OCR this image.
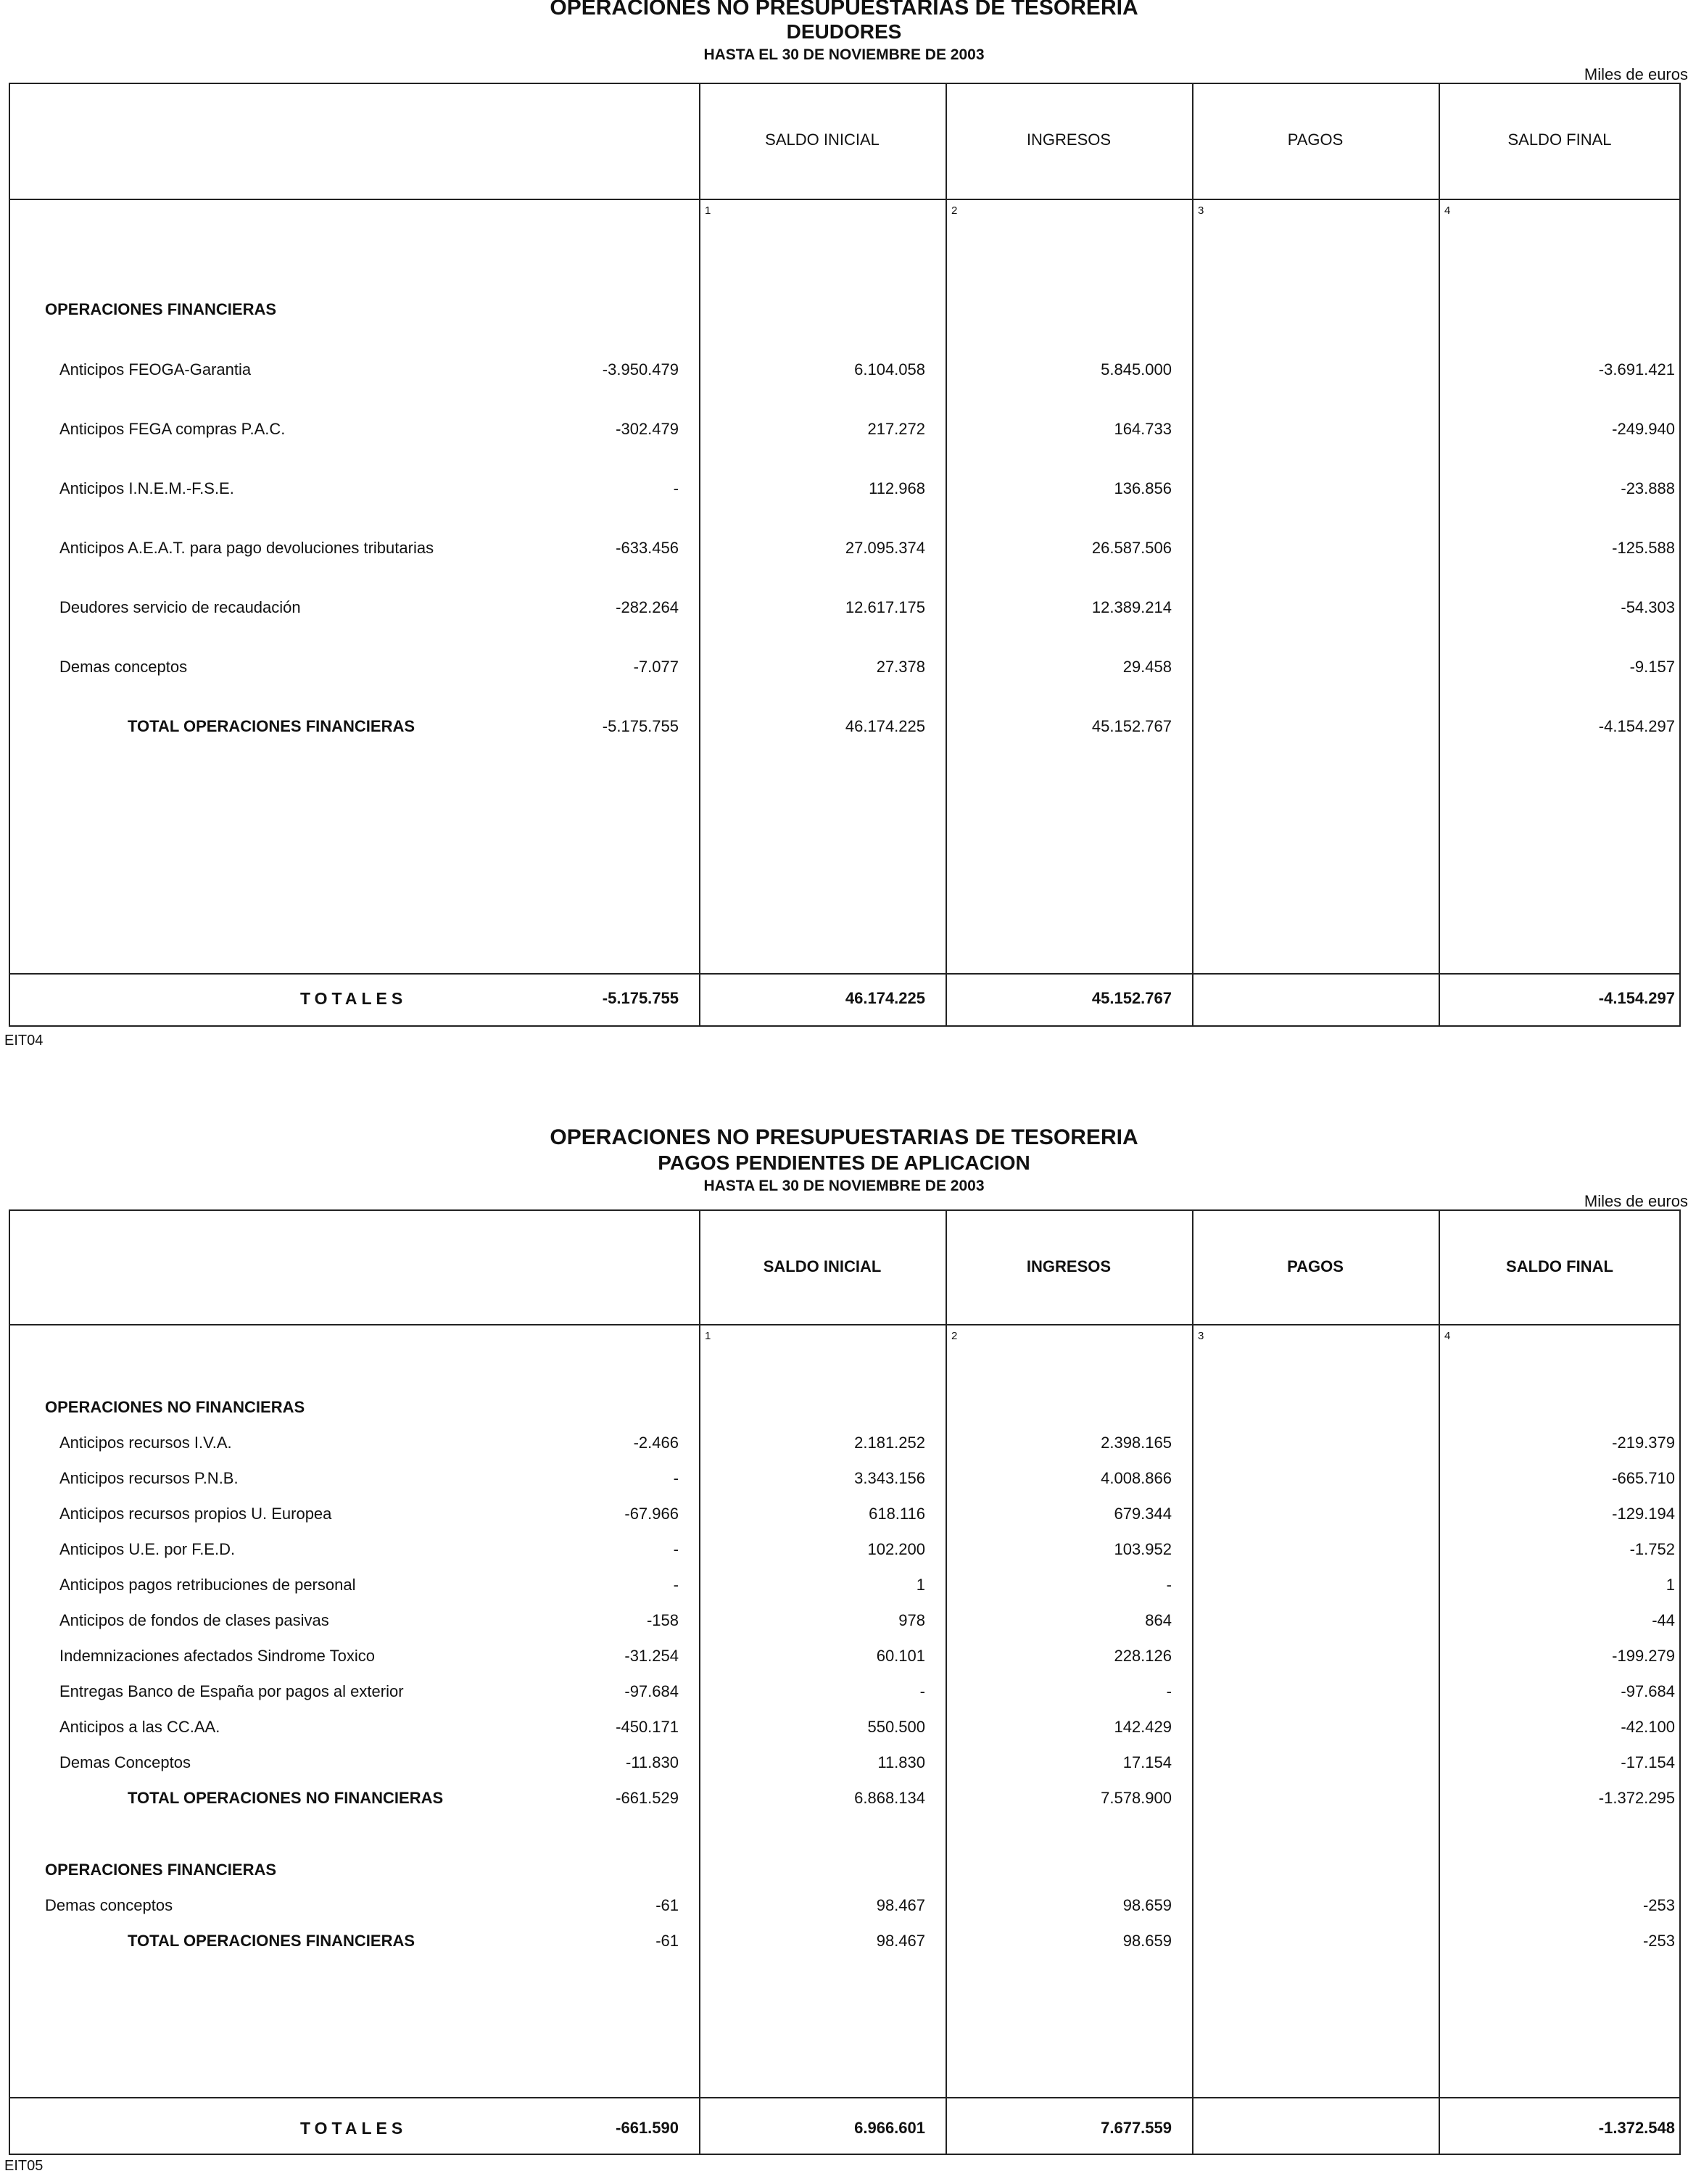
OPERACIONES NO PRESUPUESTARIAS DE TESORERIA
DEUDORES
HASTA EL 30 DE NOVIEMBRE DE 2003
Miles de euros
SALDO INICIAL	INGRESOS	PAGOS	SALDO FINAL
1	2	3	4
OPERACIONES FINANCIERAS
Anticipos FEOGA-Garantia	-3.950.479	6.104.058	5.845.000	-3.691.421
Anticipos FEGA compras P.A.C.	-302.479	217.272	164.733	-249.940
Anticipos I.N.E.M.-F.S.E.	-	112.968	136.856	-23.888
Anticipos A.E.A.T. para pago devoluciones tributarias	-633.456	27.095.374	26.587.506	-125.588
Deudores servicio de recaudación	-282.264	12.617.175	12.389.214	-54.303
Demas conceptos	-7.077	27.378	29.458	-9.157
TOTAL OPERACIONES FINANCIERAS	-5.175.755	46.174.225	45.152.767	-4.154.297
TOTALES	-5.175.755	46.174.225	45.152.767	-4.154.297
EIT04
OPERACIONES NO PRESUPUESTARIAS DE TESORERIA
PAGOS PENDIENTES DE APLICACION
HASTA EL 30 DE NOVIEMBRE DE 2003
Miles de euros
SALDO INICIAL	INGRESOS	PAGOS	SALDO FINAL
1	2	3	4
OPERACIONES NO FINANCIERAS
Anticipos recursos I.V.A.	-2.466	2.181.252	2.398.165	-219.379
Anticipos recursos P.N.B.	-	3.343.156	4.008.866	-665.710
Anticipos recursos propios U. Europea	-67.966	618.116	679.344	-129.194
Anticipos U.E. por F.E.D.	-	102.200	103.952	-1.752
Anticipos pagos retribuciones de personal	-	1	-	1
Anticipos de fondos de clases pasivas	-158	978	864	-44
Indemnizaciones afectados Sindrome Toxico	-31.254	60.101	228.126	-199.279
Entregas Banco de España por pagos al exterior	-97.684	-	-	-97.684
Anticipos a las CC.AA.	-450.171	550.500	142.429	-42.100
Demas Conceptos	-11.830	11.830	17.154	-17.154
TOTAL OPERACIONES NO FINANCIERAS	-661.529	6.868.134	7.578.900	-1.372.295
OPERACIONES FINANCIERAS
Demas conceptos	-61	98.467	98.659	-253
TOTAL OPERACIONES FINANCIERAS	-61	98.467	98.659	-253
TOTALES	-661.590	6.966.601	7.677.559	-1.372.548
EIT05
